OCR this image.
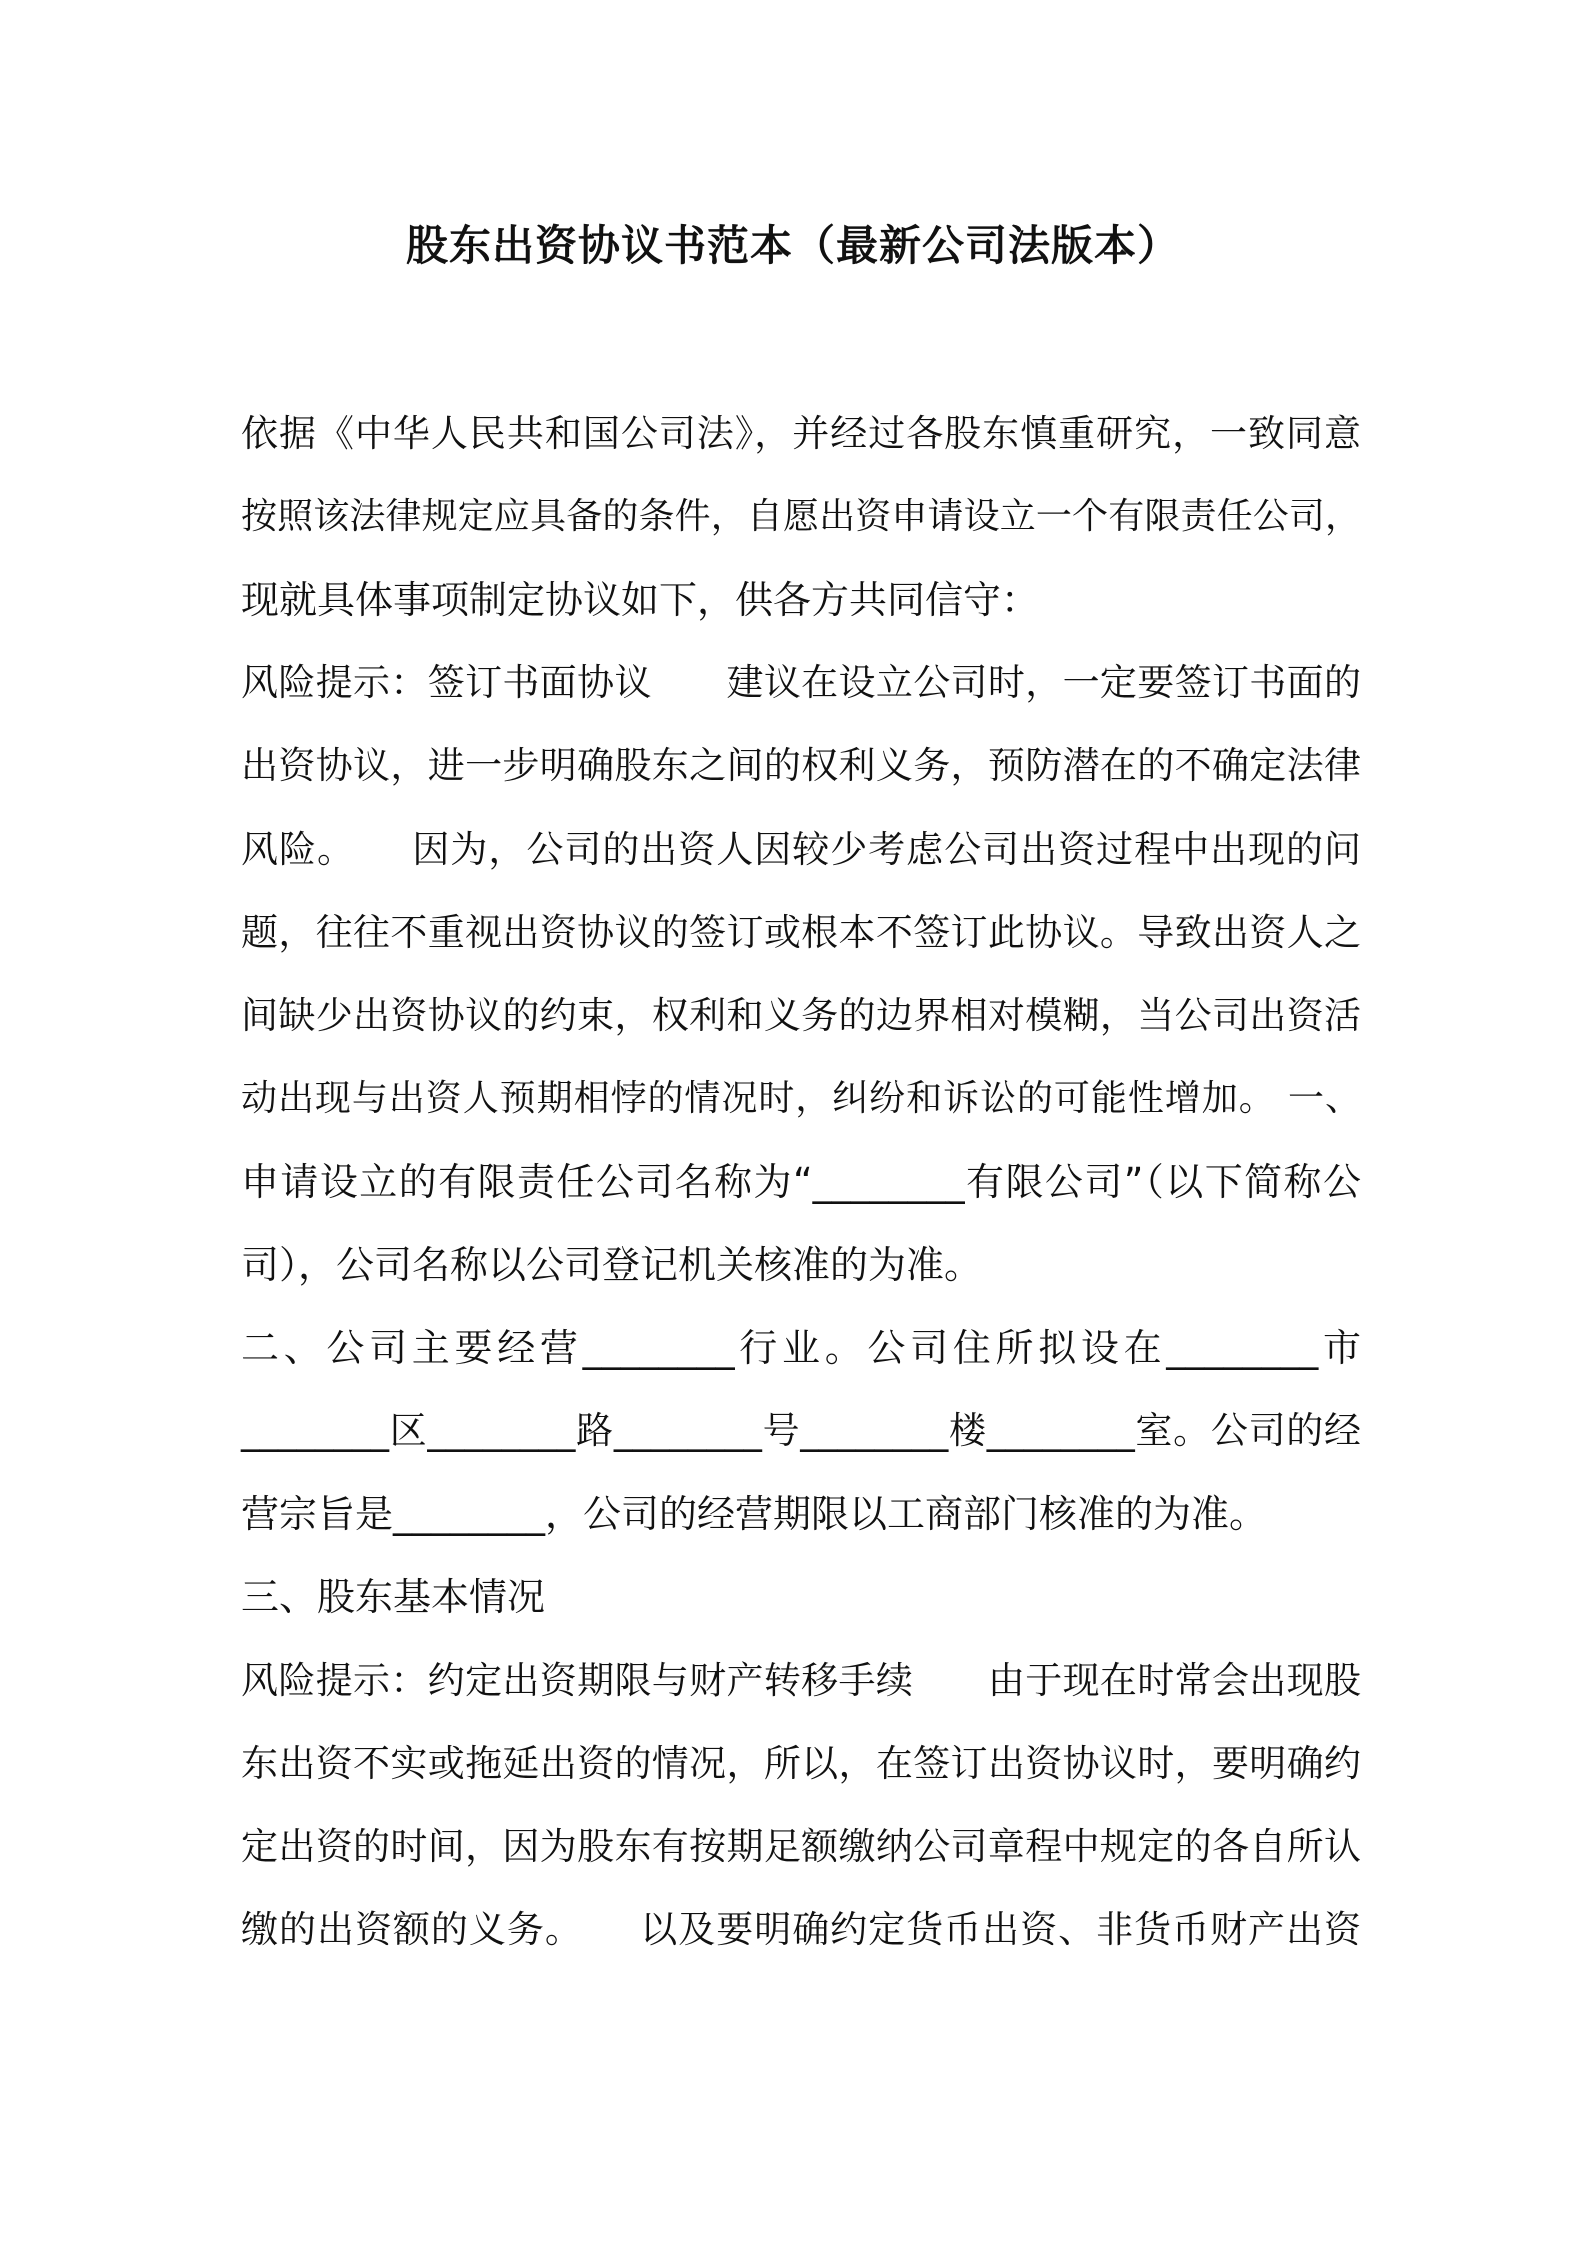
股东出资协议书范本（最新公司法版本）
依据《中华人民共和国公司法》，并经过各股东慎重研究，一致同意
按照该法律规定应具备的条件，自愿出资申请设立一个有限责任公司，
现就具体事项制定协议如下，供各方共同信守：
风险提示：签订书面协议　　建议在设立公司时，一定要签订书面的
出资协议，进一步明确股东之间的权利义务，预防潜在的不确定法律
风险。　　因为，公司的出资人因较少考虑公司出资过程中出现的问
题，往往不重视出资协议的签订或根本不签订此协议。导致出资人之
间缺少出资协议的约束，权利和义务的边界相对模糊，当公司出资活
动出现与出资人预期相悖的情况时，纠纷和诉讼的可能性增加。 一、
申请设立的有限责任公司名称为“________有限公司”（以下简称公
司），公司名称以公司登记机关核准的为准。
二、公司主要经营________行业。公司住所拟设在________市
________区________路________号________楼________室。公司的经
营宗旨是________，公司的经营期限以工商部门核准的为准。
三、股东基本情况
风险提示：约定出资期限与财产转移手续　　由于现在时常会出现股
东出资不实或拖延出资的情况，所以，在签订出资协议时，要明确约
定出资的时间，因为股东有按期足额缴纳公司章程中规定的各自所认
缴的出资额的义务。　　以及要明确约定货币出资、非货币财产出资
